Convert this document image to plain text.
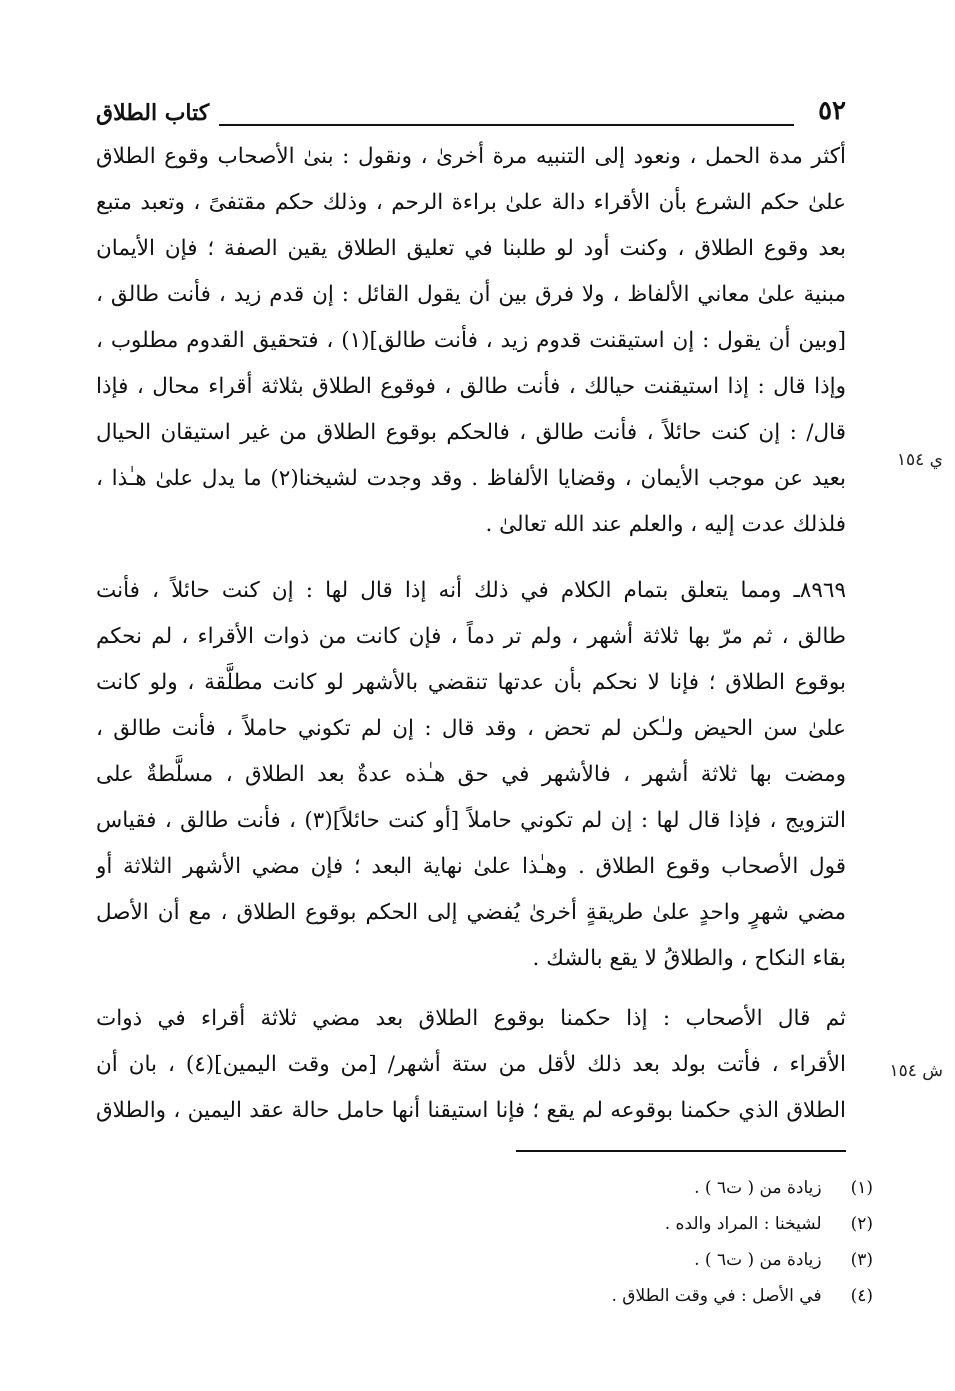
٥٢
كتاب الطلاق
ي ١٥٤
ش ١٥٤
أكثر مدة الحمل ، ونعود إلى التنبيه مرة أخرىٰ ، ونقول : بنىٰ الأصحاب وقوع الطلاق
علىٰ حكم الشرع بأن الأقراء دالة علىٰ براءة الرحم ، وذلك حكم مقتفىً ، وتعبد متبع
بعد وقوع الطلاق ، وكنت أود لو طلبنا في تعليق الطلاق يقين الصفة ؛ فإن الأيمان
مبنية علىٰ معاني الألفاظ ، ولا فرق بين أن يقول القائل : إن قدم زيد ، فأنت طالق ،
[وبين أن يقول : إن استيقنت قدوم زيد ، فأنت طالق](١) ، فتحقيق القدوم مطلوب ،
وإذا قال : إذا استيقنت حيالك ، فأنت طالق ، فوقوع الطلاق بثلاثة أقراء محال ، فإذا
قال/ : إن كنت حائلاً ، فأنت طالق ، فالحكم بوقوع الطلاق من غير استيقان الحيال
بعيد عن موجب الأيمان ، وقضايا الألفاظ . وقد وجدت لشيخنا(٢) ما يدل علىٰ هـٰذا ،
فلذلك عدت إليه ، والعلم عند الله تعالىٰ .
٨٩٦٩ـ ومما يتعلق بتمام الكلام في ذلك أنه إذا قال لها : إن كنت حائلاً ، فأنت
طالق ، ثم مرّ بها ثلاثة أشهر ، ولم تر دماً ، فإن كانت من ذوات الأقراء ، لم نحكم
بوقوع الطلاق ؛ فإنا لا نحكم بأن عدتها تنقضي بالأشهر لو كانت مطلَّقة ، ولو كانت
علىٰ سن الحيض ولـٰكن لم تحض ، وقد قال : إن لم تكوني حاملاً ، فأنت طالق ،
ومضت بها ثلاثة أشهر ، فالأشهر في حق هـٰذه عدةٌ بعد الطلاق ، مسلَّطةٌ على
التزويج ، فإذا قال لها : إن لم تكوني حاملاً [أو كنت حائلاً](٣) ، فأنت طالق ، فقياس
قول الأصحاب وقوع الطلاق . وهـٰذا علىٰ نهاية البعد ؛ فإن مضي الأشهر الثلاثة أو
مضي شهرٍ واحدٍ علىٰ طريقةٍ أخرىٰ يُفضي إلى الحكم بوقوع الطلاق ، مع أن الأصل
بقاء النكاح ، والطلاقُ لا يقع بالشك .
ثم قال الأصحاب : إذا حكمنا بوقوع الطلاق بعد مضي ثلاثة أقراء في ذوات
الأقراء ، فأتت بولد بعد ذلك لأقل من ستة أشهر/ [من وقت اليمين](٤) ، بان أن
الطلاق الذي حكمنا بوقوعه لم يقع ؛ فإنا استيقنا أنها حامل حالة عقد اليمين ، والطلاق
(١) زيادة من ( ت٦ ) .
(٢) لشيخنا : المراد والده .
(٣) زيادة من ( ت٦ ) .
(٤) في الأصل : في وقت الطلاق .
